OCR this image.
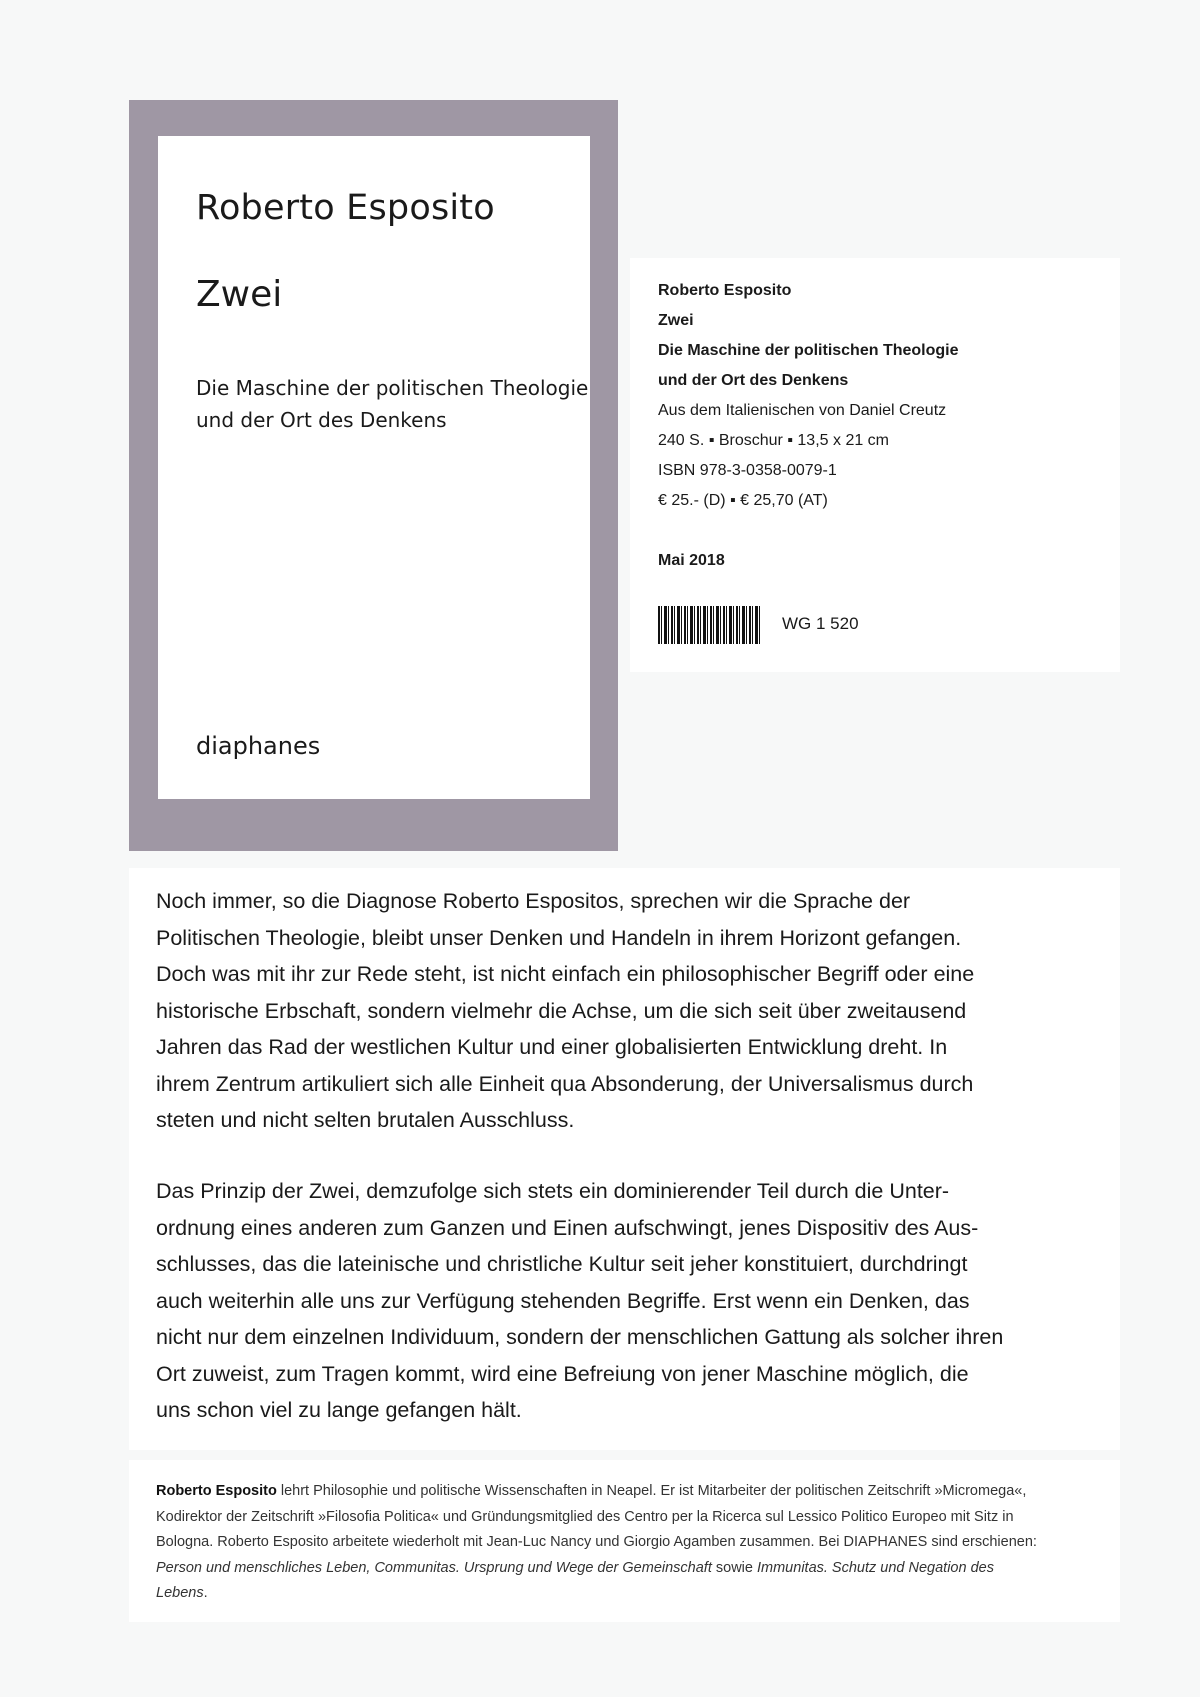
Roberto Esposito
Zwei
Die Maschine der politischen Theologie
und der Ort des Denkens
diaphanes
Roberto Esposito
Zwei
Die Maschine der politischen Theologie
und der Ort des Denkens
Aus dem Italienischen von Daniel Creutz
240 S. ▪ Broschur ▪ 13,5 x 21 cm
ISBN 978-3-0358-0079-1
€ 25.- (D) ▪ € 25,70 (AT)
Mai 2018
WG 1 520

Noch immer, so die Diagnose Roberto Espositos, sprechen wir die Sprache der
Politischen Theologie, bleibt unser Denken und Handeln in ihrem Horizont gefangen.
Doch was mit ihr zur Rede steht, ist nicht einfach ein philosophischer Begriff oder eine
historische Erbschaft, sondern vielmehr die Achse, um die sich seit über zweitausend
Jahren das Rad der westlichen Kultur und einer globalisierten Entwicklung dreht. In
ihrem Zentrum artikuliert sich alle Einheit qua Absonderung, der Universalismus durch
steten und nicht selten brutalen Ausschluss.

Das Prinzip der Zwei, demzufolge sich stets ein dominierender Teil durch die Unter-
ordnung eines anderen zum Ganzen und Einen aufschwingt, jenes Dispositiv des Aus-
schlusses, das die lateinische und christliche Kultur seit jeher konstituiert, durchdringt
auch weiterhin alle uns zur Verfügung stehenden Begriffe. Erst wenn ein Denken, das
nicht nur dem einzelnen Individuum, sondern der menschlichen Gattung als solcher ihren
Ort zuweist, zum Tragen kommt, wird eine Befreiung von jener Maschine möglich, die
uns schon viel zu lange gefangen hält.

Roberto Esposito lehrt Philosophie und politische Wissenschaften in Neapel. Er ist Mitarbeiter der politischen Zeitschrift »Micromega«,
Kodirektor der Zeitschrift »Filosofia Politica« und Gründungsmitglied des Centro per la Ricerca sul Lessico Politico Europeo mit Sitz in
Bologna. Roberto Esposito arbeitete wiederholt mit Jean-Luc Nancy und Giorgio Agamben zusammen. Bei DIAPHANES sind erschienen:
Person und menschliches Leben, Communitas. Ursprung und Wege der Gemeinschaft sowie Immunitas. Schutz und Negation des
Lebens.
